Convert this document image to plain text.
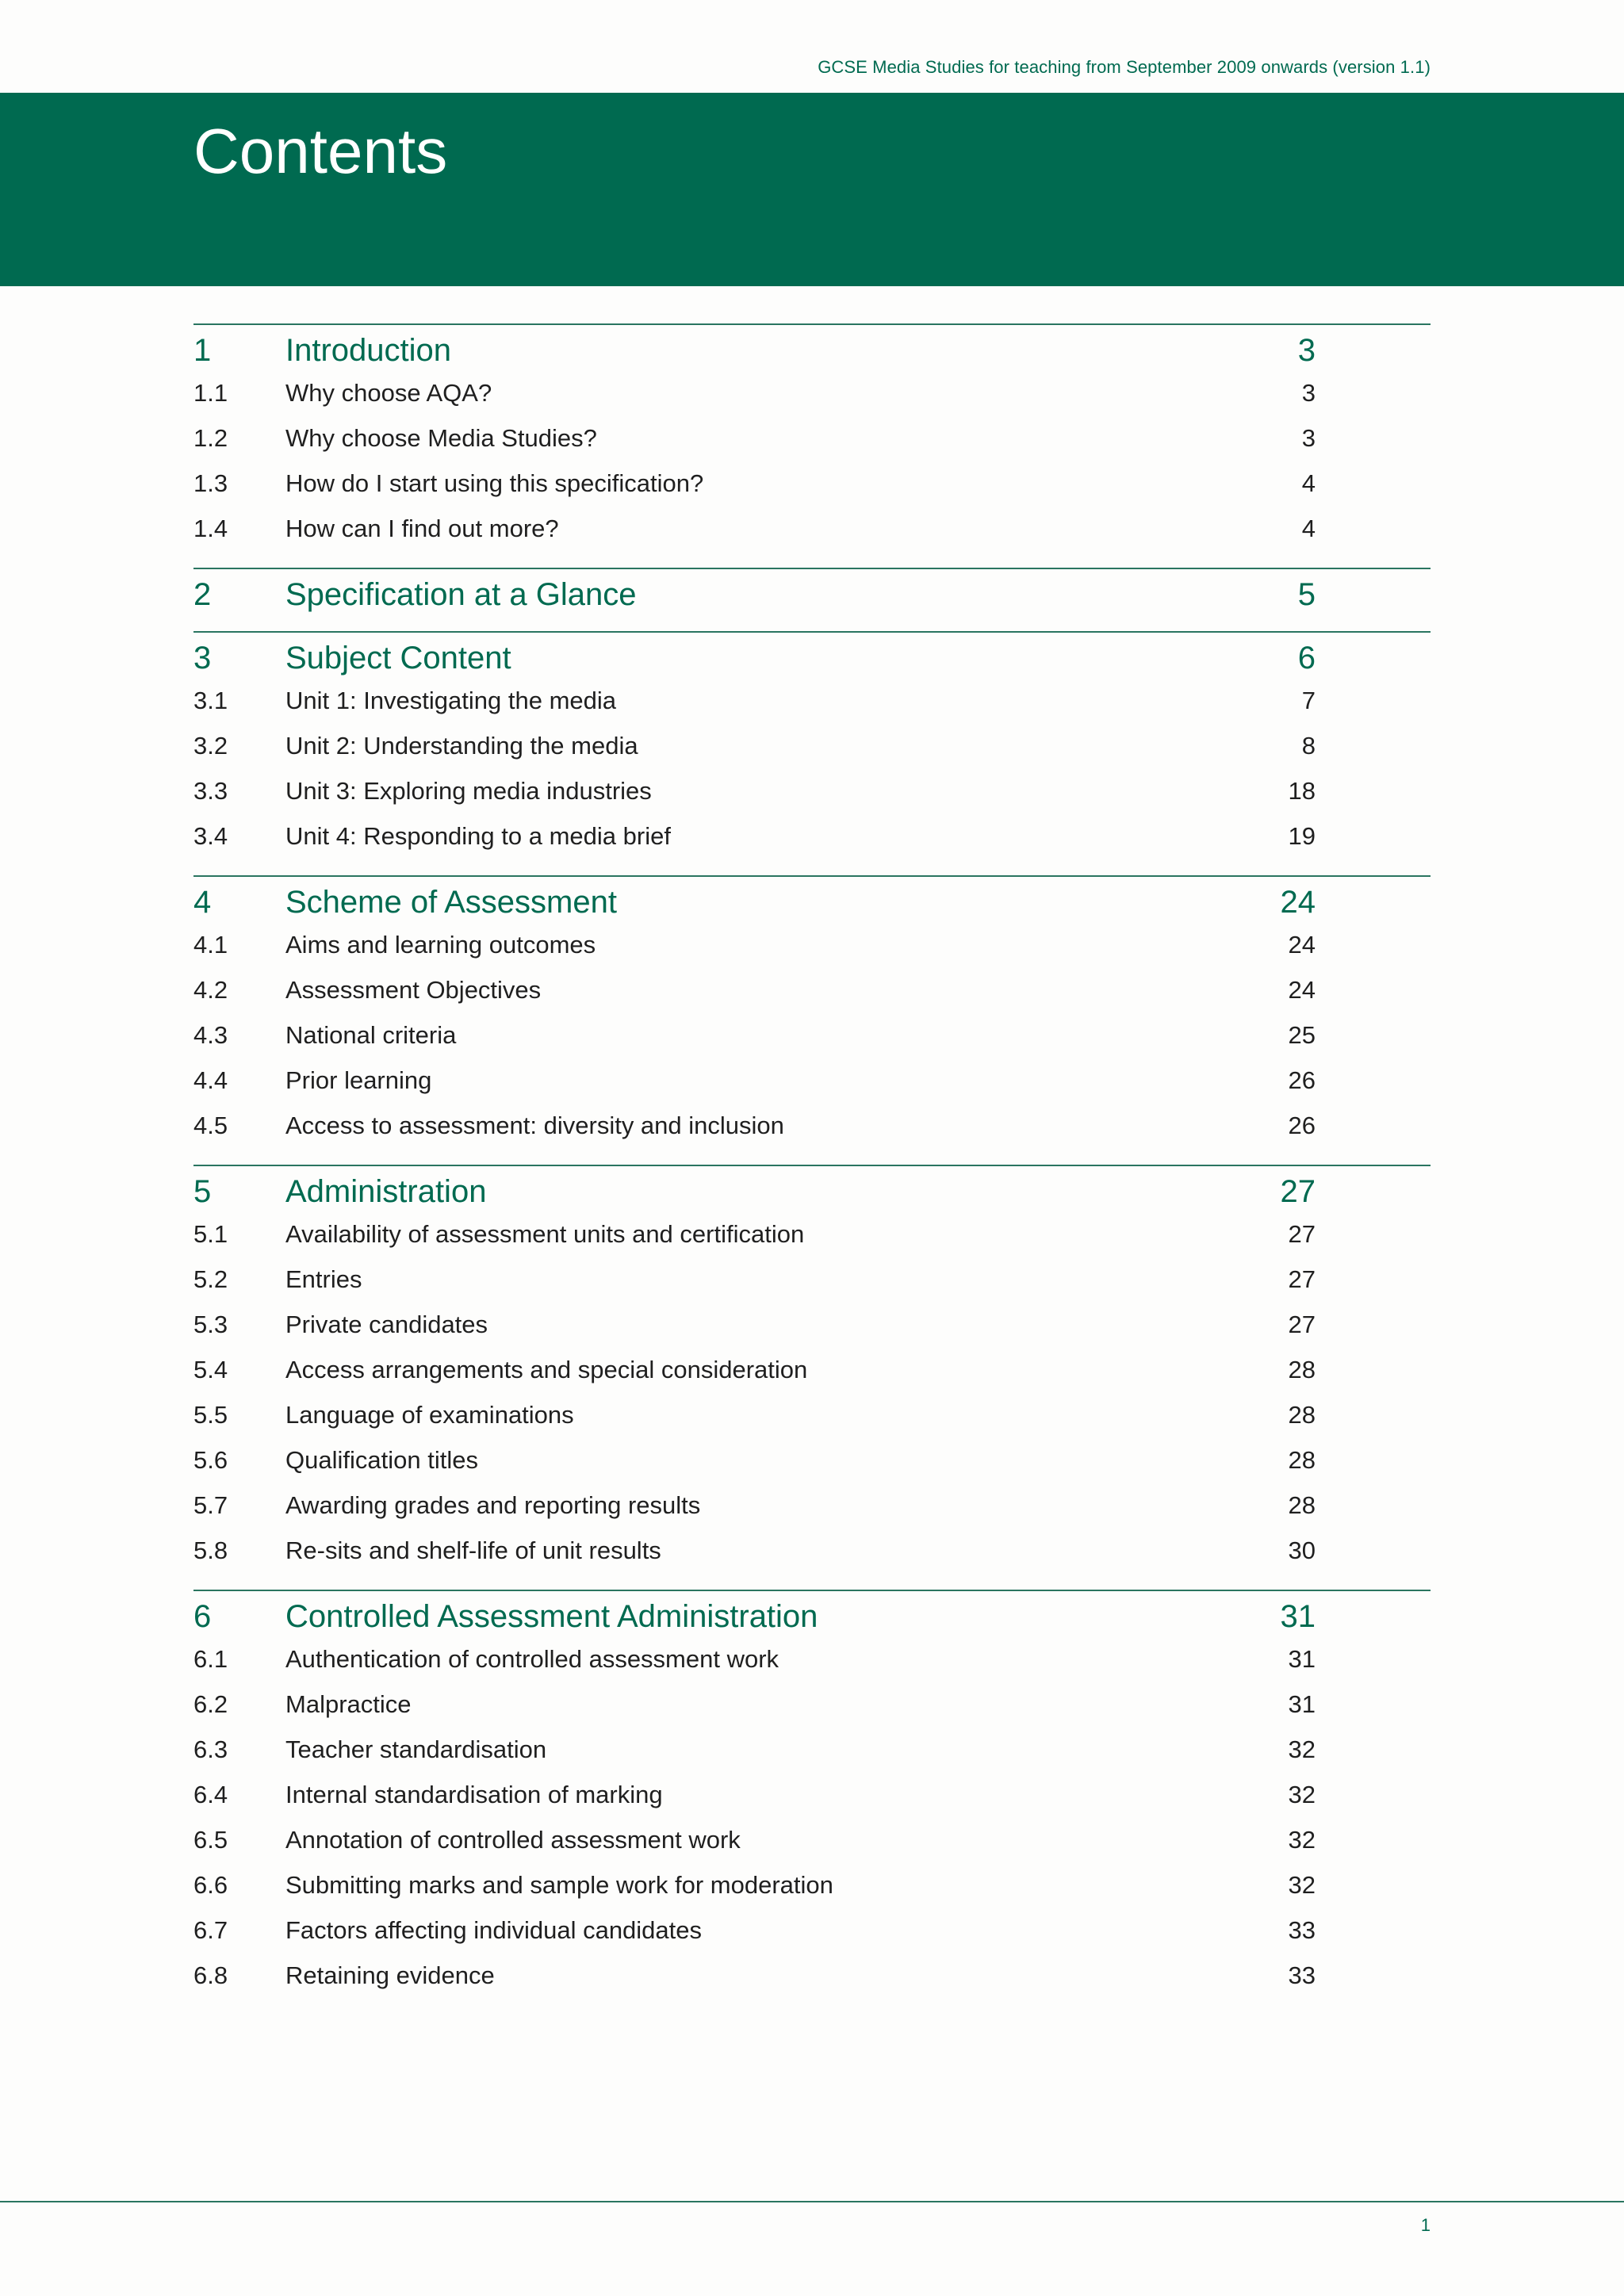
GCSE Media Studies for teaching from September 2009 onwards (version 1.1)
Contents
1 Introduction	3
1.1 Why choose AQA?	3
1.2 Why choose Media Studies?	3
1.3 How do I start using this specification?	4
1.4 How can I find out more?	4
2 Specification at a Glance	5
3 Subject Content	6
3.1 Unit 1: Investigating the media	7
3.2 Unit 2: Understanding the media	8
3.3 Unit 3: Exploring media industries	18
3.4 Unit 4: Responding to a media brief	19
4 Scheme of Assessment	24
4.1 Aims and learning outcomes	24
4.2 Assessment Objectives	24
4.3 National criteria	25
4.4 Prior learning	26
4.5 Access to assessment: diversity and inclusion	26
5 Administration	27
5.1 Availability of assessment units and certification	27
5.2 Entries	27
5.3 Private candidates	27
5.4 Access arrangements and special consideration	28
5.5 Language of examinations	28
5.6 Qualification titles	28
5.7 Awarding grades and reporting results	28
5.8 Re-sits and shelf-life of unit results	30
6 Controlled Assessment Administration	31
6.1 Authentication of controlled assessment work	31
6.2 Malpractice	31
6.3 Teacher standardisation	32
6.4 Internal standardisation of marking	32
6.5 Annotation of controlled assessment work	32
6.6 Submitting marks and sample work for moderation	32
6.7 Factors affecting individual candidates	33
6.8 Retaining evidence	33
1
